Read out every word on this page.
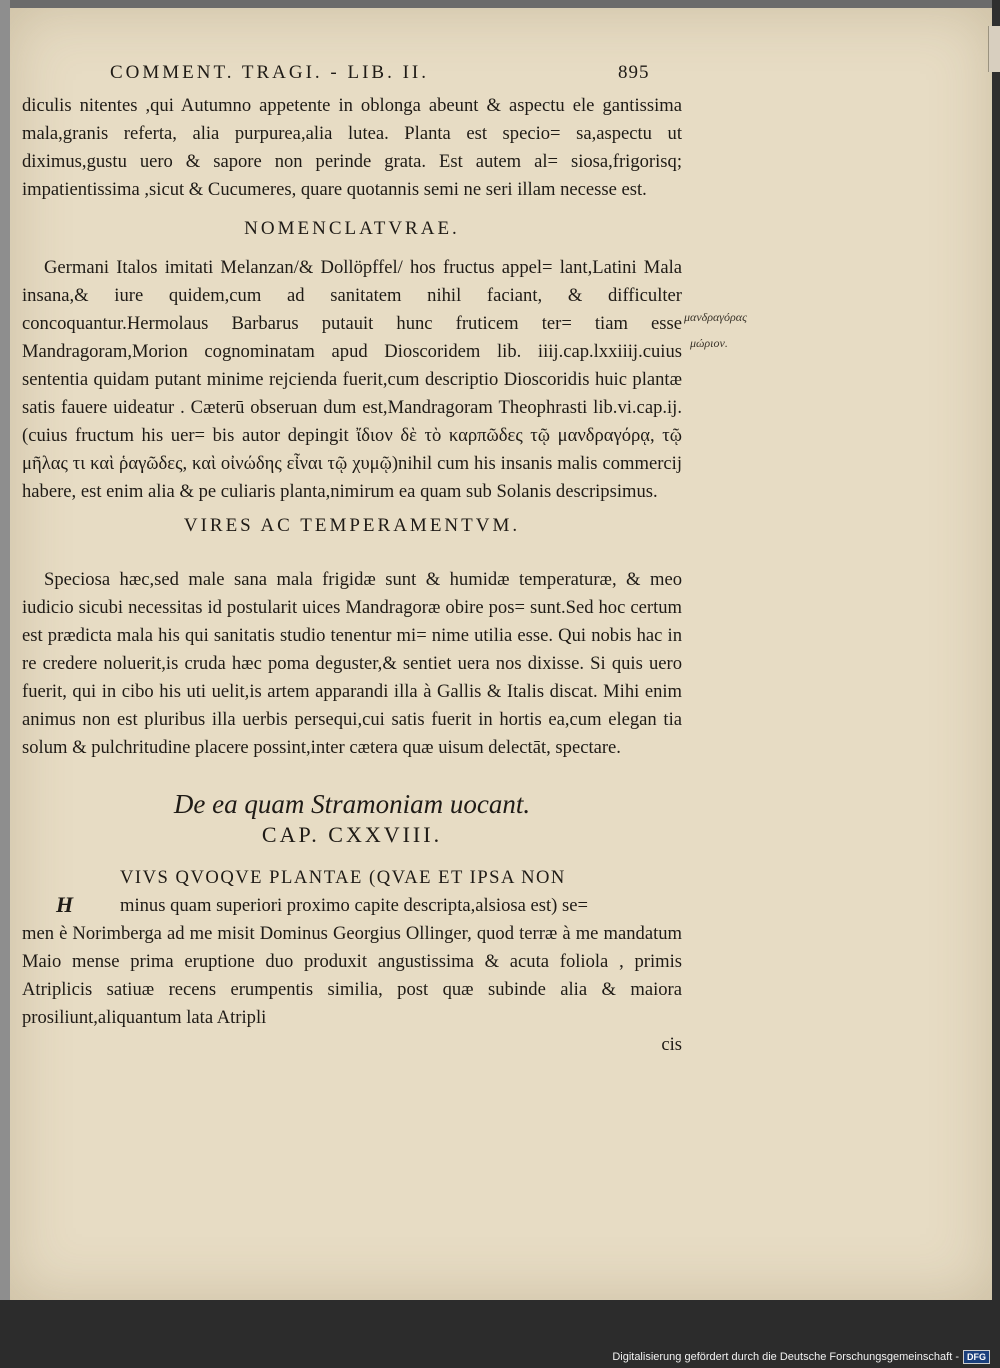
COMMENT. TRAGI. - LIB. II.	895

diculis nitentes ,qui Autumno appetente in oblonga abeunt & aspectu ele gantissima mala,granis referta, alia purpurea,alia lutea. Planta est specio= sa,aspectu ut diximus,gustu uero & sapore non perinde grata. Est autem al= siosa,frigorisq; impatientissima ,sicut & Cucumeres, quare quotannis semi ne seri illam necesse est.

NOMENCLATVRAE.

Germani Italos imitati Melanzan/& Dollöpffel/ hos fructus appel= lant,Latini Mala insana,& iure quidem,cum ad sanitatem nihil faciant, & difficulter concoquantur.Hermolaus Barbarus putauit hunc fruticem ter= tiam esse Mandragoram,Morion cognominatam apud Dioscoridem lib. iiij.cap.lxxiiij.cuius sententia quidam putant minime rejcienda fuerit,cum descriptio Dioscoridis huic plantæ satis fauere uideatur . Cæterū obseruan dum est,Mandragoram Theophrasti lib.vi.cap.ij.(cuius fructum his uer= bis autor depingit ἴδιον δὲ τὸ καρπῶδες τῷ μανδραγόρᾳ, τῷ μῆλας τι καὶ ῥαγῶδες, καὶ οἰνώδης εἶναι τῷ χυμῷ)nihil cum his insanis malis commercij habere, est enim alia & pe culiaris planta,nimirum ea quam sub Solanis descripsimus.

VIRES AC TEMPERAMENTVM.

Speciosa hæc,sed male sana mala frigidæ sunt & humidæ temperaturæ, & meo iudicio sicubi necessitas id postularit uices Mandragoræ obire pos= sunt.Sed hoc certum est prædicta mala his qui sanitatis studio tenentur mi= nime utilia esse. Qui nobis hac in re credere noluerit,is cruda hæc poma deguster,& sentiet uera nos dixisse. Si quis uero fuerit, qui in cibo his uti uelit,is artem apparandi illa à Gallis & Italis discat. Mihi enim animus non est pluribus illa uerbis persequi,cui satis fuerit in hortis ea,cum elegan tia solum & pulchritudine placere possint,inter cætera quæ uisum delectāt, spectare.

De ea quam Stramoniam uocant.
CAP. CXXVIII.
H

VIVS QVOQVE PLANTAE (QVAE ET IPSA NON

minus quam superiori proximo capite descripta,alsiosa est) se=

men è Norimberga ad me misit Dominus Georgius Ollinger, quod terræ à me mandatum Maio mense prima eruptione duo produxit angustissima & acuta foliola , primis Atriplicis satiuæ recens erumpentis similia, post quæ subinde alia & maiora prosiliunt,aliquantum lata Atripli

cis
μανδραγόρας
μώριον.
Digitalisierung gefördert durch die Deutsche Forschungsgemeinschaft - DFG
